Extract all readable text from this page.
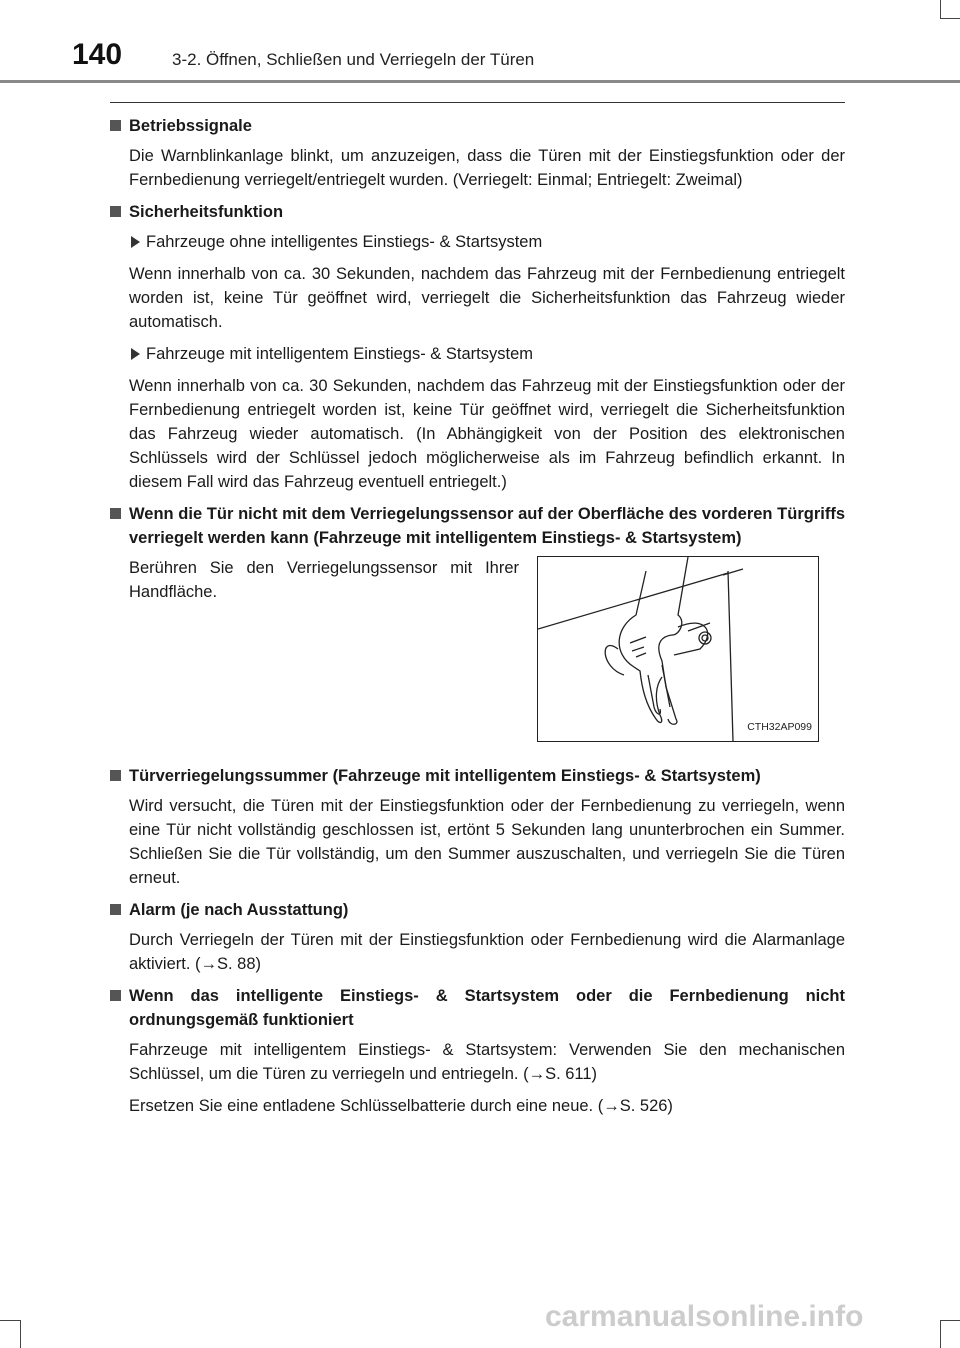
140	3-2. Öffnen, Schließen und Verriegeln der Türen
Betriebssignale
Die Warnblinkanlage blinkt, um anzuzeigen, dass die Türen mit der Einstiegsfunktion oder der Fernbedienung verriegelt/entriegelt wurden. (Verriegelt: Einmal; Entriegelt: Zweimal)
Sicherheitsfunktion
Fahrzeuge ohne intelligentes Einstiegs- & Startsystem
Wenn innerhalb von ca. 30 Sekunden, nachdem das Fahrzeug mit der Fernbedienung entriegelt worden ist, keine Tür geöffnet wird, verriegelt die Sicherheitsfunktion das Fahrzeug wieder automatisch.
Fahrzeuge mit intelligentem Einstiegs- & Startsystem
Wenn innerhalb von ca. 30 Sekunden, nachdem das Fahrzeug mit der Einstiegsfunktion oder der Fernbedienung entriegelt worden ist, keine Tür geöffnet wird, verriegelt die Sicherheitsfunktion das Fahrzeug wieder automatisch. (In Abhängigkeit von der Position des elektronischen Schlüssels wird der Schlüssel jedoch möglicherweise als im Fahrzeug befindlich erkannt. In diesem Fall wird das Fahrzeug eventuell entriegelt.)
Wenn die Tür nicht mit dem Verriegelungssensor auf der Oberfläche des vorderen Türgriffs verriegelt werden kann (Fahrzeuge mit intelligentem Einstiegs- & Startsystem)
Berühren Sie den Verriegelungssensor mit Ihrer Handfläche.
CTH32AP099
Türverriegelungssummer (Fahrzeuge mit intelligentem Einstiegs- & Startsystem)
Wird versucht, die Türen mit der Einstiegsfunktion oder der Fernbedienung zu verriegeln, wenn eine Tür nicht vollständig geschlossen ist, ertönt 5 Sekunden lang ununterbrochen ein Summer. Schließen Sie die Tür vollständig, um den Summer auszuschalten, und verriegeln Sie die Türen erneut.
Alarm (je nach Ausstattung)
Durch Verriegeln der Türen mit der Einstiegsfunktion oder Fernbedienung wird die Alarmanlage aktiviert. (→S. 88)
Wenn das intelligente Einstiegs- & Startsystem oder die Fernbedienung nicht ordnungsgemäß funktioniert
Fahrzeuge mit intelligentem Einstiegs- & Startsystem: Verwenden Sie den mechanischen Schlüssel, um die Türen zu verriegeln und entriegeln. (→S. 611)
Ersetzen Sie eine entladene Schlüsselbatterie durch eine neue. (→S. 526)
carmanualsonline.info
